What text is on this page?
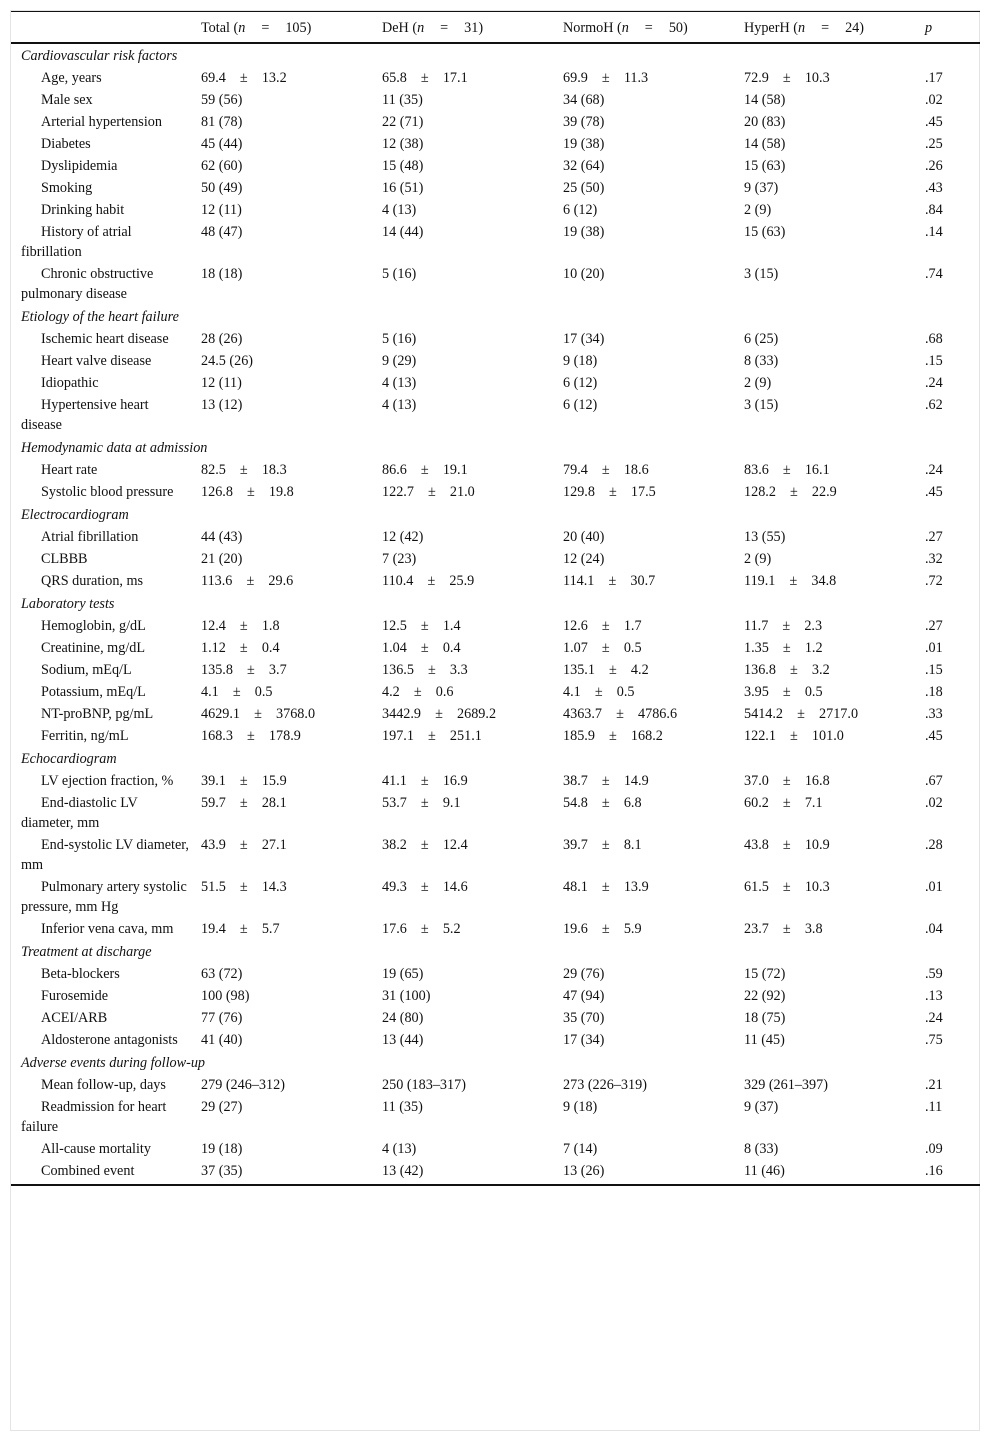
	Total (n = 105)	DeH (n = 31)	NormoH (n = 50)	HyperH (n = 24)	p
Cardiovascular risk factors					
Age, years	69.4 ± 13.2	65.8 ± 17.1	69.9 ± 11.3	72.9 ± 10.3	.17
Male sex	59 (56)	11 (35)	34 (68)	14 (58)	.02
Arterial hypertension	81 (78)	22 (71)	39 (78)	20 (83)	.45
Diabetes	45 (44)	12 (38)	19 (38)	14 (58)	.25
Dyslipidemia	62 (60)	15 (48)	32 (64)	15 (63)	.26
Smoking	50 (49)	16 (51)	25 (50)	9 (37)	.43
Drinking habit	12 (11)	4 (13)	6 (12)	2 (9)	.84
History of atrial fibrillation	48 (47)	14 (44)	19 (38)	15 (63)	.14
Chronic obstructive pulmonary disease	18 (18)	5 (16)	10 (20)	3 (15)	.74
Etiology of the heart failure					
Ischemic heart disease	28 (26)	5 (16)	17 (34)	6 (25)	.68
Heart valve disease	24.5 (26)	9 (29)	9 (18)	8 (33)	.15
Idiopathic	12 (11)	4 (13)	6 (12)	2 (9)	.24
Hypertensive heart disease	13 (12)	4 (13)	6 (12)	3 (15)	.62
Hemodynamic data at admission					
Heart rate	82.5 ± 18.3	86.6 ± 19.1	79.4 ± 18.6	83.6 ± 16.1	.24
Systolic blood pressure	126.8 ± 19.8	122.7 ± 21.0	129.8 ± 17.5	128.2 ± 22.9	.45
Electrocardiogram					
Atrial fibrillation	44 (43)	12 (42)	20 (40)	13 (55)	.27
CLBBB	21 (20)	7 (23)	12 (24)	2 (9)	.32
QRS duration, ms	113.6 ± 29.6	110.4 ± 25.9	114.1 ± 30.7	119.1 ± 34.8	.72
Laboratory tests					
Hemoglobin, g/dL	12.4 ± 1.8	12.5 ± 1.4	12.6 ± 1.7	11.7 ± 2.3	.27
Creatinine, mg/dL	1.12 ± 0.4	1.04 ± 0.4	1.07 ± 0.5	1.35 ± 1.2	.01
Sodium, mEq/L	135.8 ± 3.7	136.5 ± 3.3	135.1 ± 4.2	136.8 ± 3.2	.15
Potassium, mEq/L	4.1 ± 0.5	4.2 ± 0.6	4.1 ± 0.5	3.95 ± 0.5	.18
NT-proBNP, pg/mL	4629.1 ± 3768.0	3442.9 ± 2689.2	4363.7 ± 4786.6	5414.2 ± 2717.0	.33
Ferritin, ng/mL	168.3 ± 178.9	197.1 ± 251.1	185.9 ± 168.2	122.1 ± 101.0	.45
Echocardiogram					
LV ejection fraction, %	39.1 ± 15.9	41.1 ± 16.9	38.7 ± 14.9	37.0 ± 16.8	.67
End-diastolic LV diameter, mm	59.7 ± 28.1	53.7 ± 9.1	54.8 ± 6.8	60.2 ± 7.1	.02
End-systolic LV diameter, mm	43.9 ± 27.1	38.2 ± 12.4	39.7 ± 8.1	43.8 ± 10.9	.28
Pulmonary artery systolic pressure, mm Hg	51.5 ± 14.3	49.3 ± 14.6	48.1 ± 13.9	61.5 ± 10.3	.01
Inferior vena cava, mm	19.4 ± 5.7	17.6 ± 5.2	19.6 ± 5.9	23.7 ± 3.8	.04
Treatment at discharge					
Beta-blockers	63 (72)	19 (65)	29 (76)	15 (72)	.59
Furosemide	100 (98)	31 (100)	47 (94)	22 (92)	.13
ACEI/ARB	77 (76)	24 (80)	35 (70)	18 (75)	.24
Aldosterone antagonists	41 (40)	13 (44)	17 (34)	11 (45)	.75
Adverse events during follow-up					
Mean follow-up, days	279 (246–312)	250 (183–317)	273 (226–319)	329 (261–397)	.21
Readmission for heart failure	29 (27)	11 (35)	9 (18)	9 (37)	.11
All-cause mortality	19 (18)	4 (13)	7 (14)	8 (33)	.09
Combined event	37 (35)	13 (42)	13 (26)	11 (46)	.16
